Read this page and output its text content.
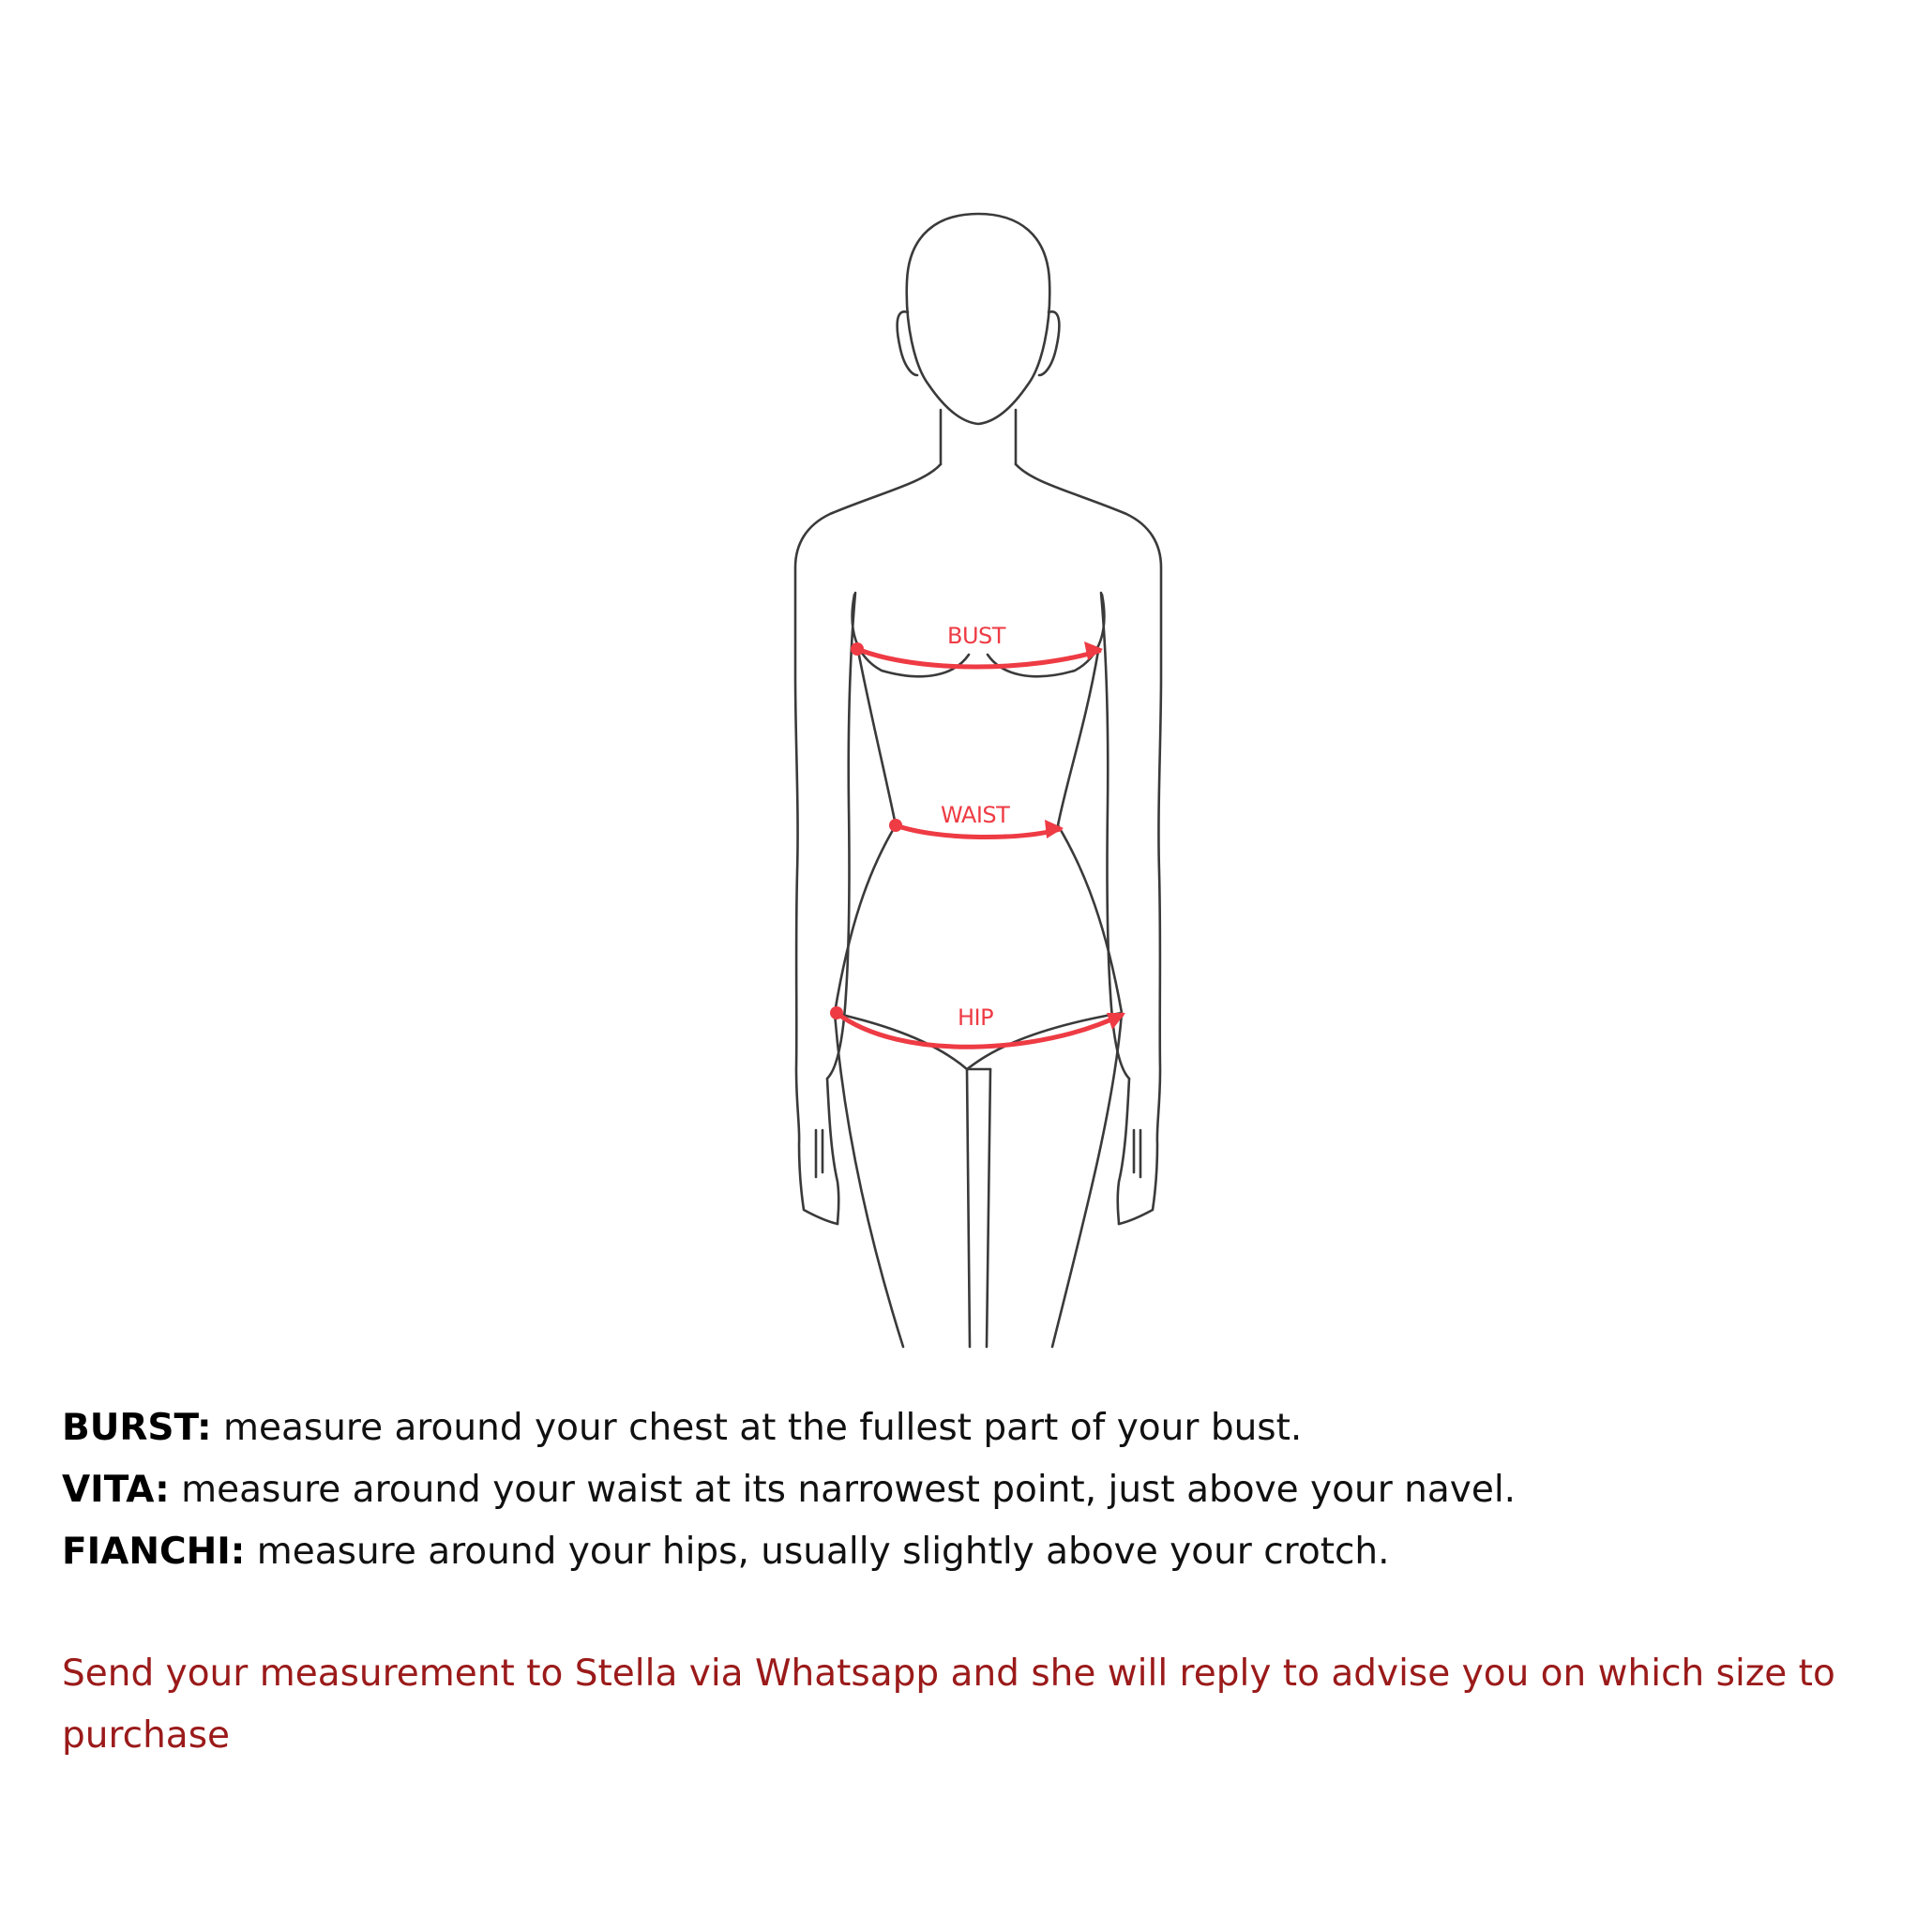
BUST
WAIST
HIP
BURST: measure around your chest at the fullest part of your bust.
VITA: measure around your waist at its narrowest point, just above your navel.
FIANCHI: measure around your hips, usually slightly above your crotch.
Send your measurement to Stella via Whatsapp and she will reply to advise you on which size to purchase
